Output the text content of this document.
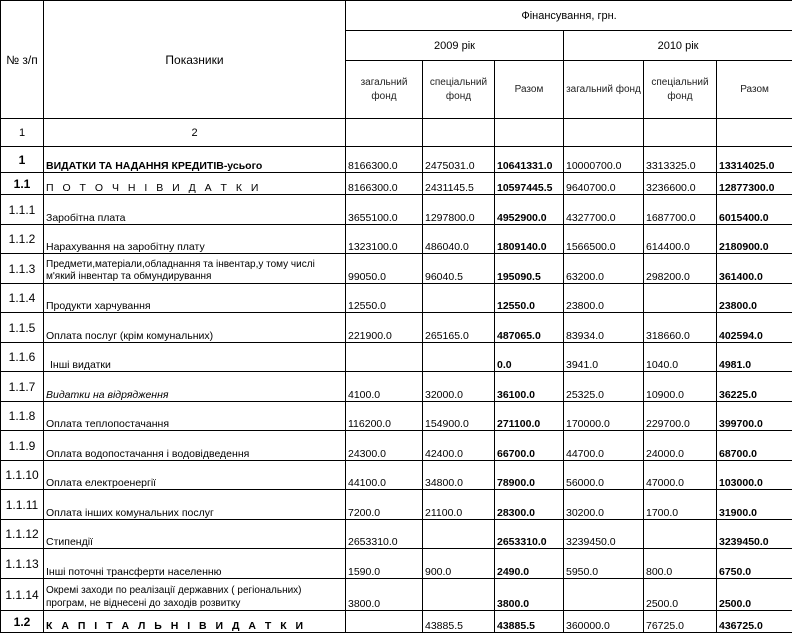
№ з/п	Показники	Фінансування, грн.					
		2009 рік			2010 рік		
		загальний фонд	спеціальний фонд	Разом	загальний фонд	спеціальний фонд	Разом
1	2						
1	ВИДАТКИ ТА НАДАННЯ КРЕДИТІВ-усього	8166300.0	2475031.0	10641331.0	10000700.0	3313325.0	13314025.0
1.1	П О Т О Ч Н І В И Д А Т К И	8166300.0	2431145.5	10597445.5	9640700.0	3236600.0	12877300.0
1.1.1	Заробітна плата	3655100.0	1297800.0	4952900.0	4327700.0	1687700.0	6015400.0
1.1.2	Нарахування на заробітну плату	1323100.0	486040.0	1809140.0	1566500.0	614400.0	2180900.0
1.1.3	Предмети,матеріали,обладнання та інвентар,у тому числі м'який інвентар та обмундирування	99050.0	96040.5	195090.5	63200.0	298200.0	361400.0
1.1.4	Продукти харчування	12550.0		12550.0	23800.0		23800.0
1.1.5	Оплата послуг (крім комунальних)	221900.0	265165.0	487065.0	83934.0	318660.0	402594.0
1.1.6	Інші видатки			0.0	3941.0	1040.0	4981.0
1.1.7	Видатки на відрядження	4100.0	32000.0	36100.0	25325.0	10900.0	36225.0
1.1.8	Оплата теплопостачання	116200.0	154900.0	271100.0	170000.0	229700.0	399700.0
1.1.9	Оплата водопостачання і водовідведення	24300.0	42400.0	66700.0	44700.0	24000.0	68700.0
1.1.10	Оплата електроенергії	44100.0	34800.0	78900.0	56000.0	47000.0	103000.0
1.1.11	Оплата інших комунальних послуг	7200.0	21100.0	28300.0	30200.0	1700.0	31900.0
1.1.12	Стипендії	2653310.0		2653310.0	3239450.0		3239450.0
1.1.13	Інші поточні трансферти населенню	1590.0	900.0	2490.0	5950.0	800.0	6750.0
1.1.14	Окремі заходи по реалізації державних ( регіональних) програм, не віднесені до заходів розвитку	3800.0		3800.0		2500.0	2500.0
1.2	К А П І Т А Л Ь Н І В И Д А Т К И		43885.5	43885.5	360000.0	76725.0	436725.0
